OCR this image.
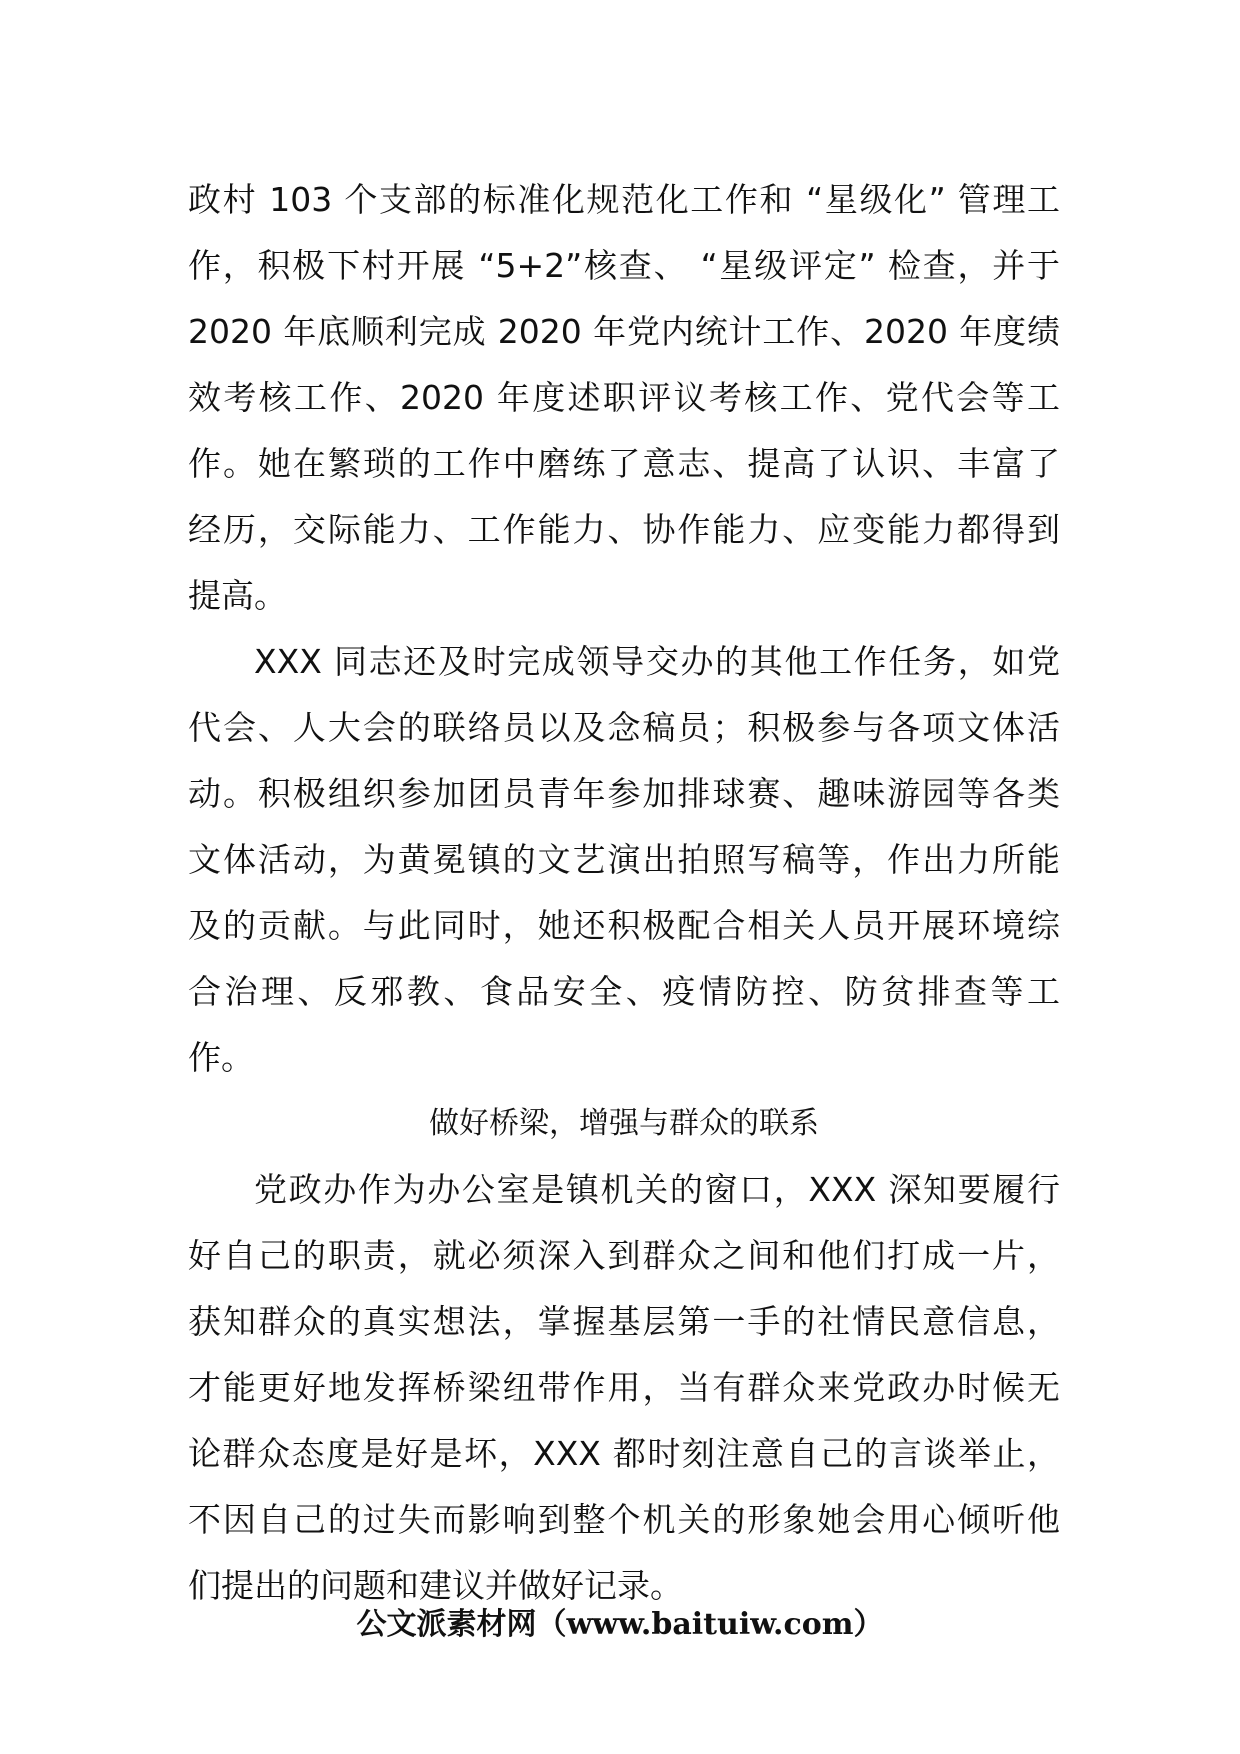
政村 103 个支部的标准化规范化工作和 “星级化” 管理工
作，积极下村开展 “5+2”核查、 “星级评定” 检查，并于
2020 年底顺利完成 2020 年党内统计工作、2020 年度绩
效考核工作、2020 年度述职评议考核工作、党代会等工
作。她在繁琐的工作中磨练了意志、提高了认识、丰富了
经历，交际能力、工作能力、协作能力、应变能力都得到
提高。
XXX 同志还及时完成领导交办的其他工作任务，如党
代会、人大会的联络员以及念稿员；积极参与各项文体活
动。积极组织参加团员青年参加排球赛、趣味游园等各类
文体活动，为黄冕镇的文艺演出拍照写稿等，作出力所能
及的贡献。与此同时，她还积极配合相关人员开展环境综
合治理、反邪教、食品安全、疫情防控、防贫排查等工
作。
做好桥梁，增强与群众的联系
党政办作为办公室是镇机关的窗口，XXX 深知要履行
好自己的职责，就必须深入到群众之间和他们打成一片，
获知群众的真实想法，掌握基层第一手的社情民意信息，
才能更好地发挥桥梁纽带作用，当有群众来党政办时候无
论群众态度是好是坏，XXX 都时刻注意自己的言谈举止，
不因自己的过失而影响到整个机关的形象她会用心倾听他
们提出的问题和建议并做好记录。
公文派素材网（www.baituiw.com）
